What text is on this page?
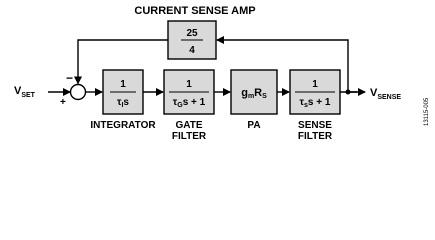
CURRENT SENSE AMP
$V_{SET}$
−
+
1
$\tau_Is$
INTEGRATOR
1
$\tau_Gs + 1$
GATE
FILTER
gmRS
PA
1
$\tau_ss + 1$
SENSE
FILTER
$V_{SENSE}$
25
4
13115-005
